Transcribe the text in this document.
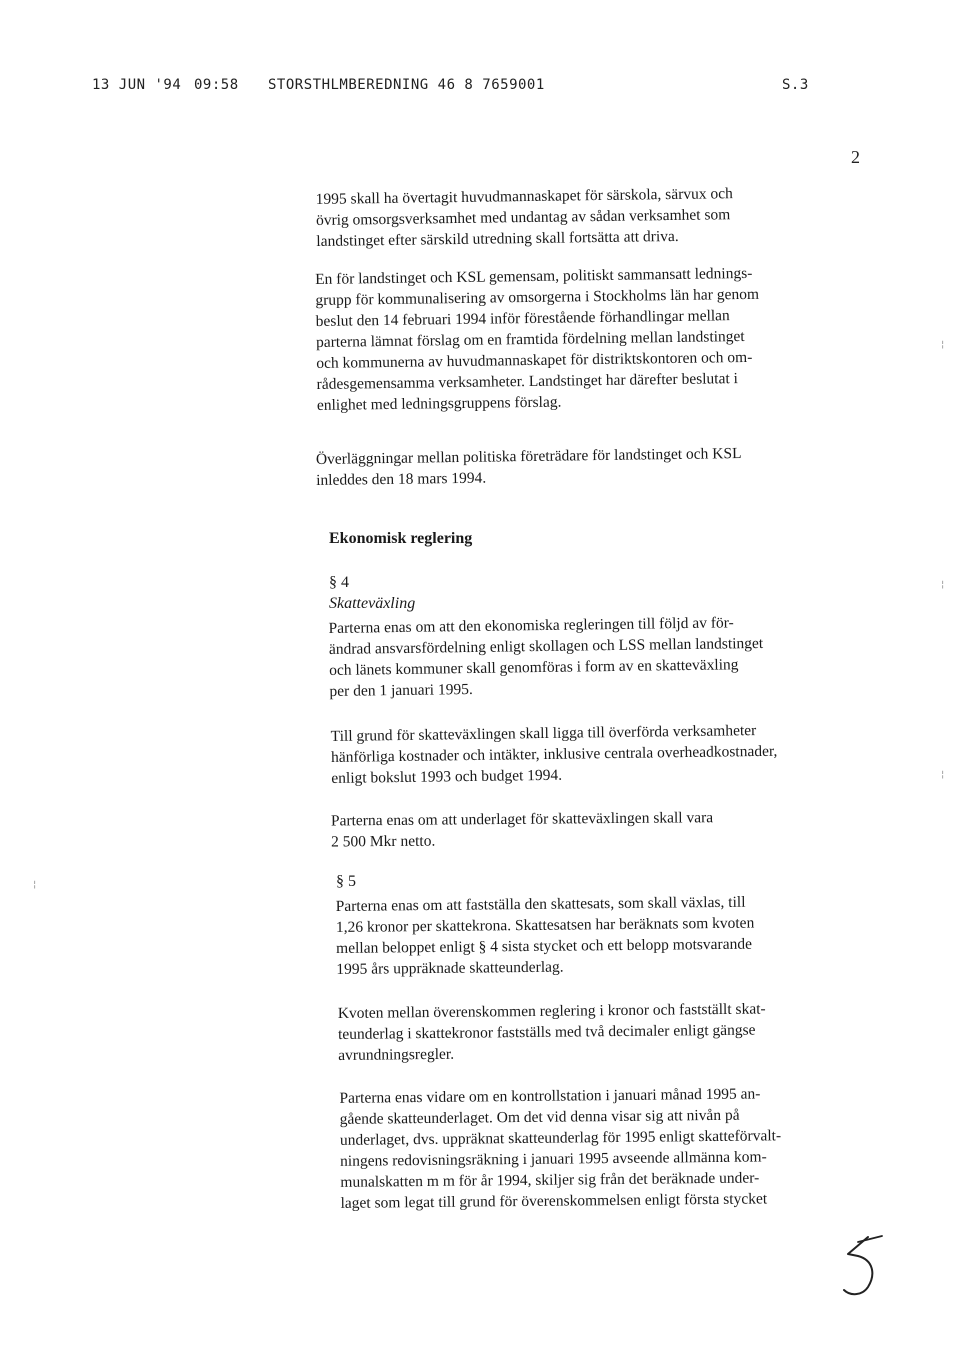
13 JUN '94 09:58 STORSTHLMBEREDNING 46 8 7659001	S.3
2
1995 skall ha övertagit huvudmannaskapet för särskola, särvux och
övrig omsorgsverksamhet med undantag av sådan verksamhet som
landstinget efter särskild utredning skall fortsätta att driva.
En för landstinget och KSL gemensam, politiskt sammansatt lednings-
grupp för kommunalisering av omsorgerna i Stockholms län har genom
beslut den 14 februari 1994 inför förestående förhandlingar mellan
parterna lämnat förslag om en framtida fördelning mellan landstinget
och kommunerna av huvudmannaskapet för distriktskontoren och om-
rådesgemensamma verksamheter. Landstinget har därefter beslutat i
enlighet med ledningsgruppens förslag.
Överläggningar mellan politiska företrädare för landstinget och KSL
inleddes den 18 mars 1994.
Ekonomisk reglering
§ 4
Skatteväxling
Parterna enas om att den ekonomiska regleringen till följd av för-
ändrad ansvarsfördelning enligt skollagen och LSS mellan landstinget
och länets kommuner skall genomföras i form av en skatteväxling
per den 1 januari 1995.
Till grund för skatteväxlingen skall ligga till överförda verksamheter
hänförliga kostnader och intäkter, inklusive centrala overheadkostnader,
enligt bokslut 1993 och budget 1994.
Parterna enas om att underlaget för skatteväxlingen skall vara
2 500 Mkr netto.
§ 5
Parterna enas om att fastställa den skattesats, som skall växlas, till
1,26 kronor per skattekrona. Skattesatsen har beräknats som kvoten
mellan beloppet enligt § 4 sista stycket och ett belopp motsvarande
1995 års uppräknade skatteunderlag.
Kvoten mellan överenskommen reglering i kronor och fastställt skat-
teunderlag i skattekronor fastställs med två decimaler enligt gängse
avrundningsregler.
Parterna enas vidare om en kontrollstation i januari månad 1995 an-
gående skatteunderlaget. Om det vid denna visar sig att nivån på
underlaget, dvs. uppräknat skatteunderlag för 1995 enligt skatteförvalt-
ningens redovisningsräkning i januari 1995 avseende allmänna kom-
munalskatten m m för år 1994, skiljer sig från det beräknade under-
laget som legat till grund för överenskommelsen enligt första stycket
¦
¦
¦
¦
